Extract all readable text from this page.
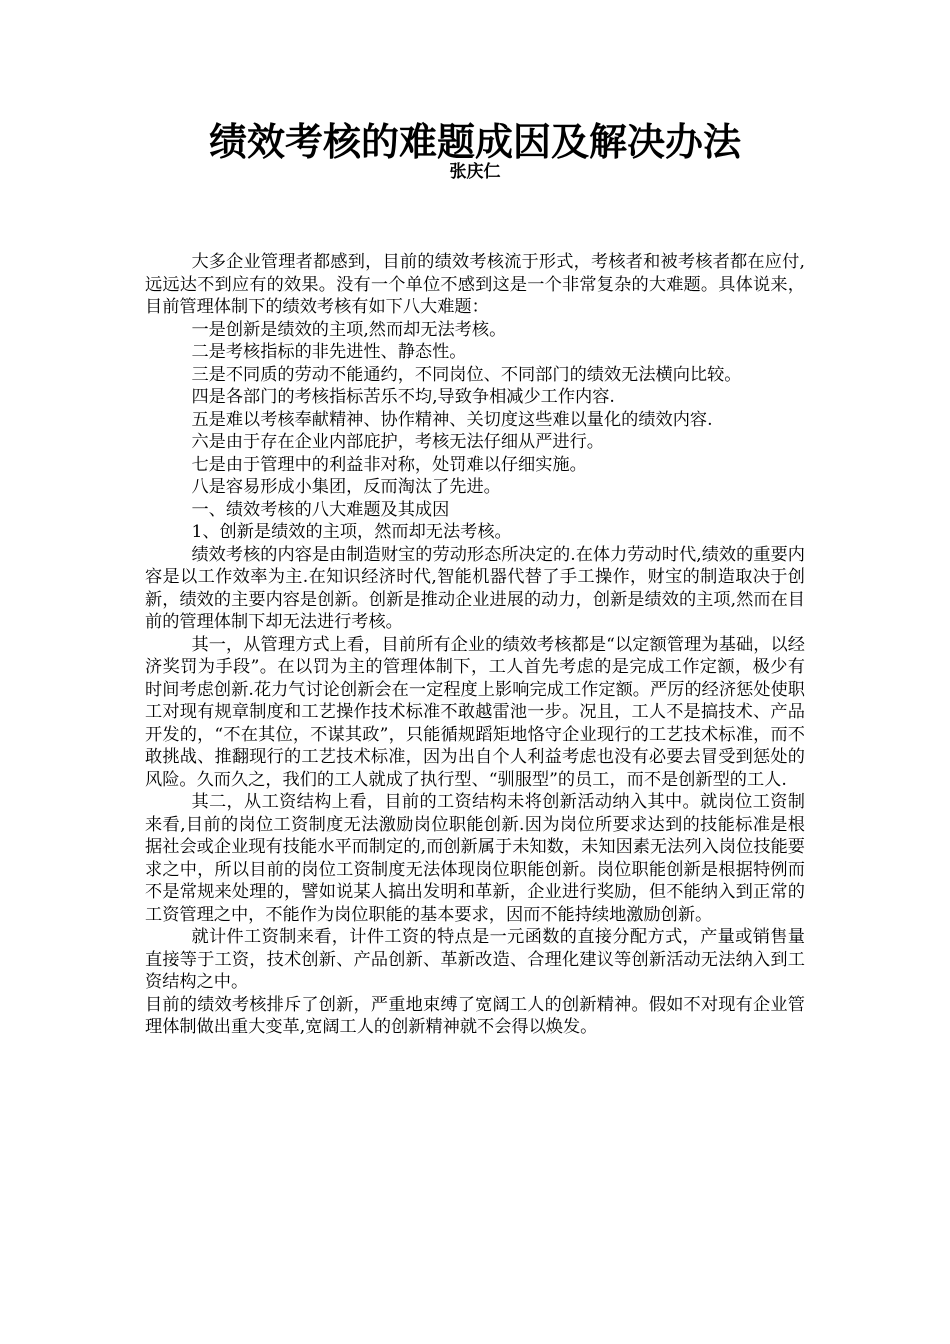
绩效考核的难题成因及解决办法
张庆仁

大多企业管理者都感到，目前的绩效考核流于形式，考核者和被考核者都在应付,远远达不到应有的效果。没有一个单位不感到这是一个非常复杂的大难题。具体说来，目前管理体制下的绩效考核有如下八大难题：

一是创新是绩效的主项,然而却无法考核。

二是考核指标的非先进性、静态性。

三是不同质的劳动不能通约，不同岗位、不同部门的绩效无法横向比较。

四是各部门的考核指标苦乐不均,导致争相减少工作内容.

五是难以考核奉献精神、协作精神、关切度这些难以量化的绩效内容.

六是由于存在企业内部庇护，考核无法仔细从严进行。

七是由于管理中的利益非对称，处罚难以仔细实施。

八是容易形成小集团，反而淘汰了先进。

一、绩效考核的八大难题及其成因

1、创新是绩效的主项，然而却无法考核。

绩效考核的内容是由制造财宝的劳动形态所决定的.在体力劳动时代,绩效的重要内容是以工作效率为主.在知识经济时代,智能机器代替了手工操作，财宝的制造取决于创新，绩效的主要内容是创新。创新是推动企业进展的动力，创新是绩效的主项,然而在目前的管理体制下却无法进行考核。

其一，从管理方式上看，目前所有企业的绩效考核都是“以定额管理为基础，以经济奖罚为手段”。在以罚为主的管理体制下，工人首先考虑的是完成工作定额，极少有时间考虑创新.花力气讨论创新会在一定程度上影响完成工作定额。严厉的经济惩处使职工对现有规章制度和工艺操作技术标准不敢越雷池一步。况且，工人不是搞技术、产品开发的，“不在其位，不谋其政”，只能循规蹈矩地恪守企业现行的工艺技术标准，而不敢挑战、推翻现行的工艺技术标准，因为出自个人利益考虑也没有必要去冒受到惩处的风险。久而久之，我们的工人就成了执行型、“驯服型”的员工，而不是创新型的工人.

其二，从工资结构上看，目前的工资结构未将创新活动纳入其中。就岗位工资制来看,目前的岗位工资制度无法激励岗位职能创新.因为岗位所要求达到的技能标准是根据社会或企业现有技能水平而制定的,而创新属于未知数，未知因素无法列入岗位技能要求之中，所以目前的岗位工资制度无法体现岗位职能创新。岗位职能创新是根据特例而不是常规来处理的，譬如说某人搞出发明和革新，企业进行奖励，但不能纳入到正常的工资管理之中，不能作为岗位职能的基本要求，因而不能持续地激励创新。

就计件工资制来看，计件工资的特点是一元函数的直接分配方式，产量或销售量直接等于工资，技术创新、产品创新、革新改造、合理化建议等创新活动无法纳入到工资结构之中。

目前的绩效考核排斥了创新，严重地束缚了宽阔工人的创新精神。假如不对现有企业管理体制做出重大变革,宽阔工人的创新精神就不会得以焕发。
